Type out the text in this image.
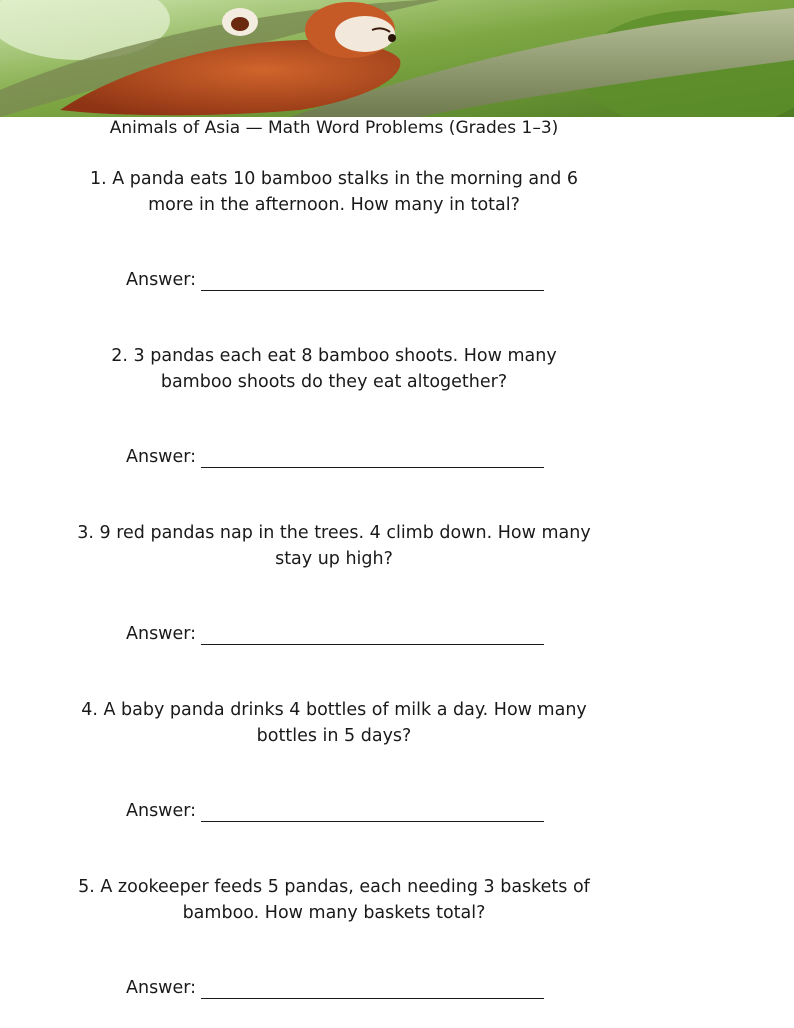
Animals of Asia — Math Word Problems (Grades 1–3)
1. A panda eats 10 bamboo stalks in the morning and 6
more in the afternoon. How many in total?
Answer:
2. 3 pandas each eat 8 bamboo shoots. How many
bamboo shoots do they eat altogether?
Answer:
3. 9 red pandas nap in the trees. 4 climb down. How many
stay up high?
Answer:
4. A baby panda drinks 4 bottles of milk a day. How many
bottles in 5 days?
Answer:
5. A zookeeper feeds 5 pandas, each needing 3 baskets of
bamboo. How many baskets total?
Answer:
